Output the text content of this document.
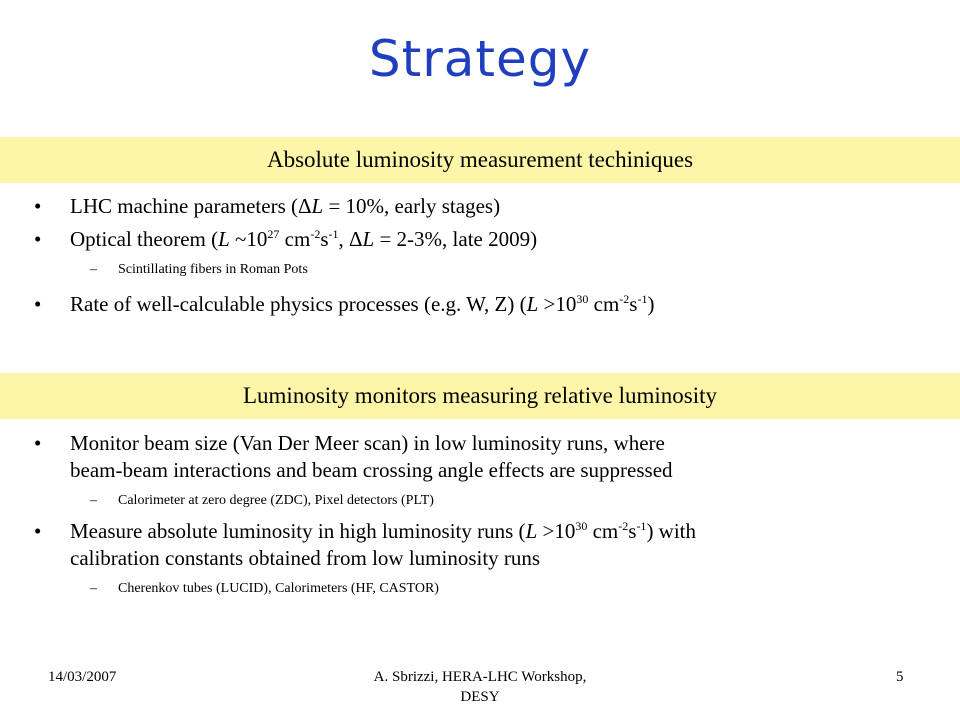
Strategy
Absolute luminosity measurement techiniques
• LHC machine parameters (ΔL = 10%, early stages)
• Optical theorem (L $\sim 10^{27}$ $cm^{-2}s^{-1}$, ΔL = 2-3%, late 2009)
– Scintillating fibers in Roman Pots
• Rate of well-calculable physics processes (e.g. W, Z) ($L >10^{30}$ $cm^{-2}s^{-1}$)
Luminosity monitors measuring relative luminosity
• Monitor beam size (Van Der Meer scan) in low luminosity runs, where
beam-beam interactions and beam crossing angle effects are suppressed
– Calorimeter at zero degree (ZDC), Pixel detectors (PLT)
• Measure absolute luminosity in high luminosity runs ($L >10^{30}$ $cm^{-2}s^{-1}$) with
calibration constants obtained from low luminosity runs
– Cherenkov tubes (LUCID), Calorimeters (HF, CASTOR)
14/03/2007	A. Sbrizzi, HERA-LHC Workshop,
DESY
5
